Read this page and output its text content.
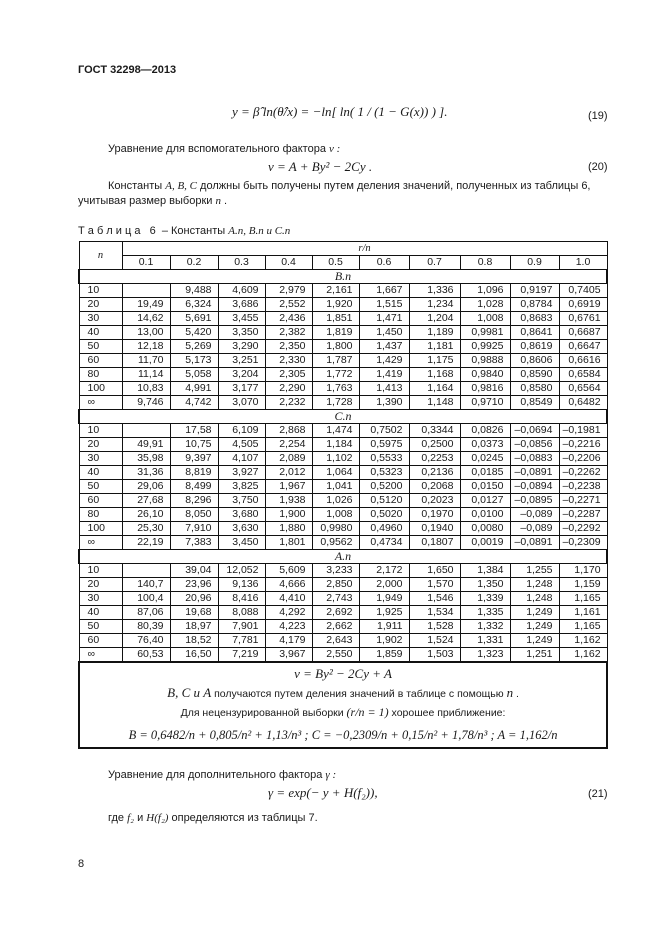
ГОСТ 32298—2013
y = β̂ ln(θ̂/x) = −ln[ ln( 1 / (1 − G(x)) ) ].	(19)
Уравнение для вспомогательного фактора v :
v = A + By² − 2Cy .	(20)
Константы A, B, C должны быть получены путем деления значений, полученных из таблицы 6,
учитывая размер выборки n .
Т а б л и ц а   6  – Константы A.n, B.n и C.n
n	r/n									
	0.1	0.2	0.3	0.4	0.5	0.6	0.7	0.8	0.9	1.0
B.n										
10		9,488	4,609	2,979	2,161	1,667	1,336	1,096	0,9197	0,7405
20	19,49	6,324	3,686	2,552	1,920	1,515	1,234	1,028	0,8784	0,6919
30	14,62	5,691	3,455	2,436	1,851	1,471	1,204	1,008	0,8683	0,6761
40	13,00	5,420	3,350	2,382	1,819	1,450	1,189	0,9981	0,8641	0,6687
50	12,18	5,269	3,290	2,350	1,800	1,437	1,181	0,9925	0,8619	0,6647
60	11,70	5,173	3,251	2,330	1,787	1,429	1,175	0,9888	0,8606	0,6616
80	11,14	5,058	3,204	2,305	1,772	1,419	1,168	0,9840	0,8590	0,6584
100	10,83	4,991	3,177	2,290	1,763	1,413	1,164	0,9816	0,8580	0,6564
∞	9,746	4,742	3,070	2,232	1,728	1,390	1,148	0,9710	0,8549	0,6482
C.n										
10		17,58	6,109	2,868	1,474	0,7502	0,3344	0,0826	–0,0694	–0,1981
20	49,91	10,75	4,505	2,254	1,184	0,5975	0,2500	0,0373	–0,0856	–0,2216
30	35,98	9,397	4,107	2,089	1,102	0,5533	0,2253	0,0245	–0,0883	–0,2206
40	31,36	8,819	3,927	2,012	1,064	0,5323	0,2136	0,0185	–0,0891	–0,2262
50	29,06	8,499	3,825	1,967	1,041	0,5200	0,2068	0,0150	–0,0894	–0,2238
60	27,68	8,296	3,750	1,938	1,026	0,5120	0,2023	0,0127	–0,0895	–0,2271
80	26,10	8,050	3,680	1,900	1,008	0,5020	0,1970	0,0100	–0,089	–0,2287
100	25,30	7,910	3,630	1,880	0,9980	0,4960	0,1940	0,0080	–0,089	–0,2292
∞	22,19	7,383	3,450	1,801	0,9562	0,4734	0,1807	0,0019	–0,0891	–0,2309
A.n										
10		39,04	12,052	5,609	3,233	2,172	1,650	1,384	1,255	1,170
20	140,7	23,96	9,136	4,666	2,850	2,000	1,570	1,350	1,248	1,159
30	100,4	20,96	8,416	4,410	2,743	1,949	1,546	1,339	1,248	1,165
40	87,06	19,68	8,088	4,292	2,692	1,925	1,534	1,335	1,249	1,161
50	80,39	18,97	7,901	4,223	2,662	1,911	1,528	1,332	1,249	1,165
60	76,40	18,52	7,781	4,179	2,643	1,902	1,524	1,331	1,249	1,162
∞	60,53	16,50	7,219	3,967	2,550	1,859	1,503	1,323	1,251	1,162
v = By² − 2Cy + A										
B, C и A получаются путем деления значений в таблице с помощью n .										
Для нецензурированной выборки (r/n = 1) хорошее приближение:										
B = 0,6482/n + 0,805/n² + 1,13/n³ ; C = −0,2309/n + 0,15/n² + 1,78/n³ ; A = 1,162/n										
Уравнение для дополнительного фактора γ :
γ = exp(− y + H(f₂)),	(21)
где f₂ и H(f₂) определяются из таблицы 7.
8
